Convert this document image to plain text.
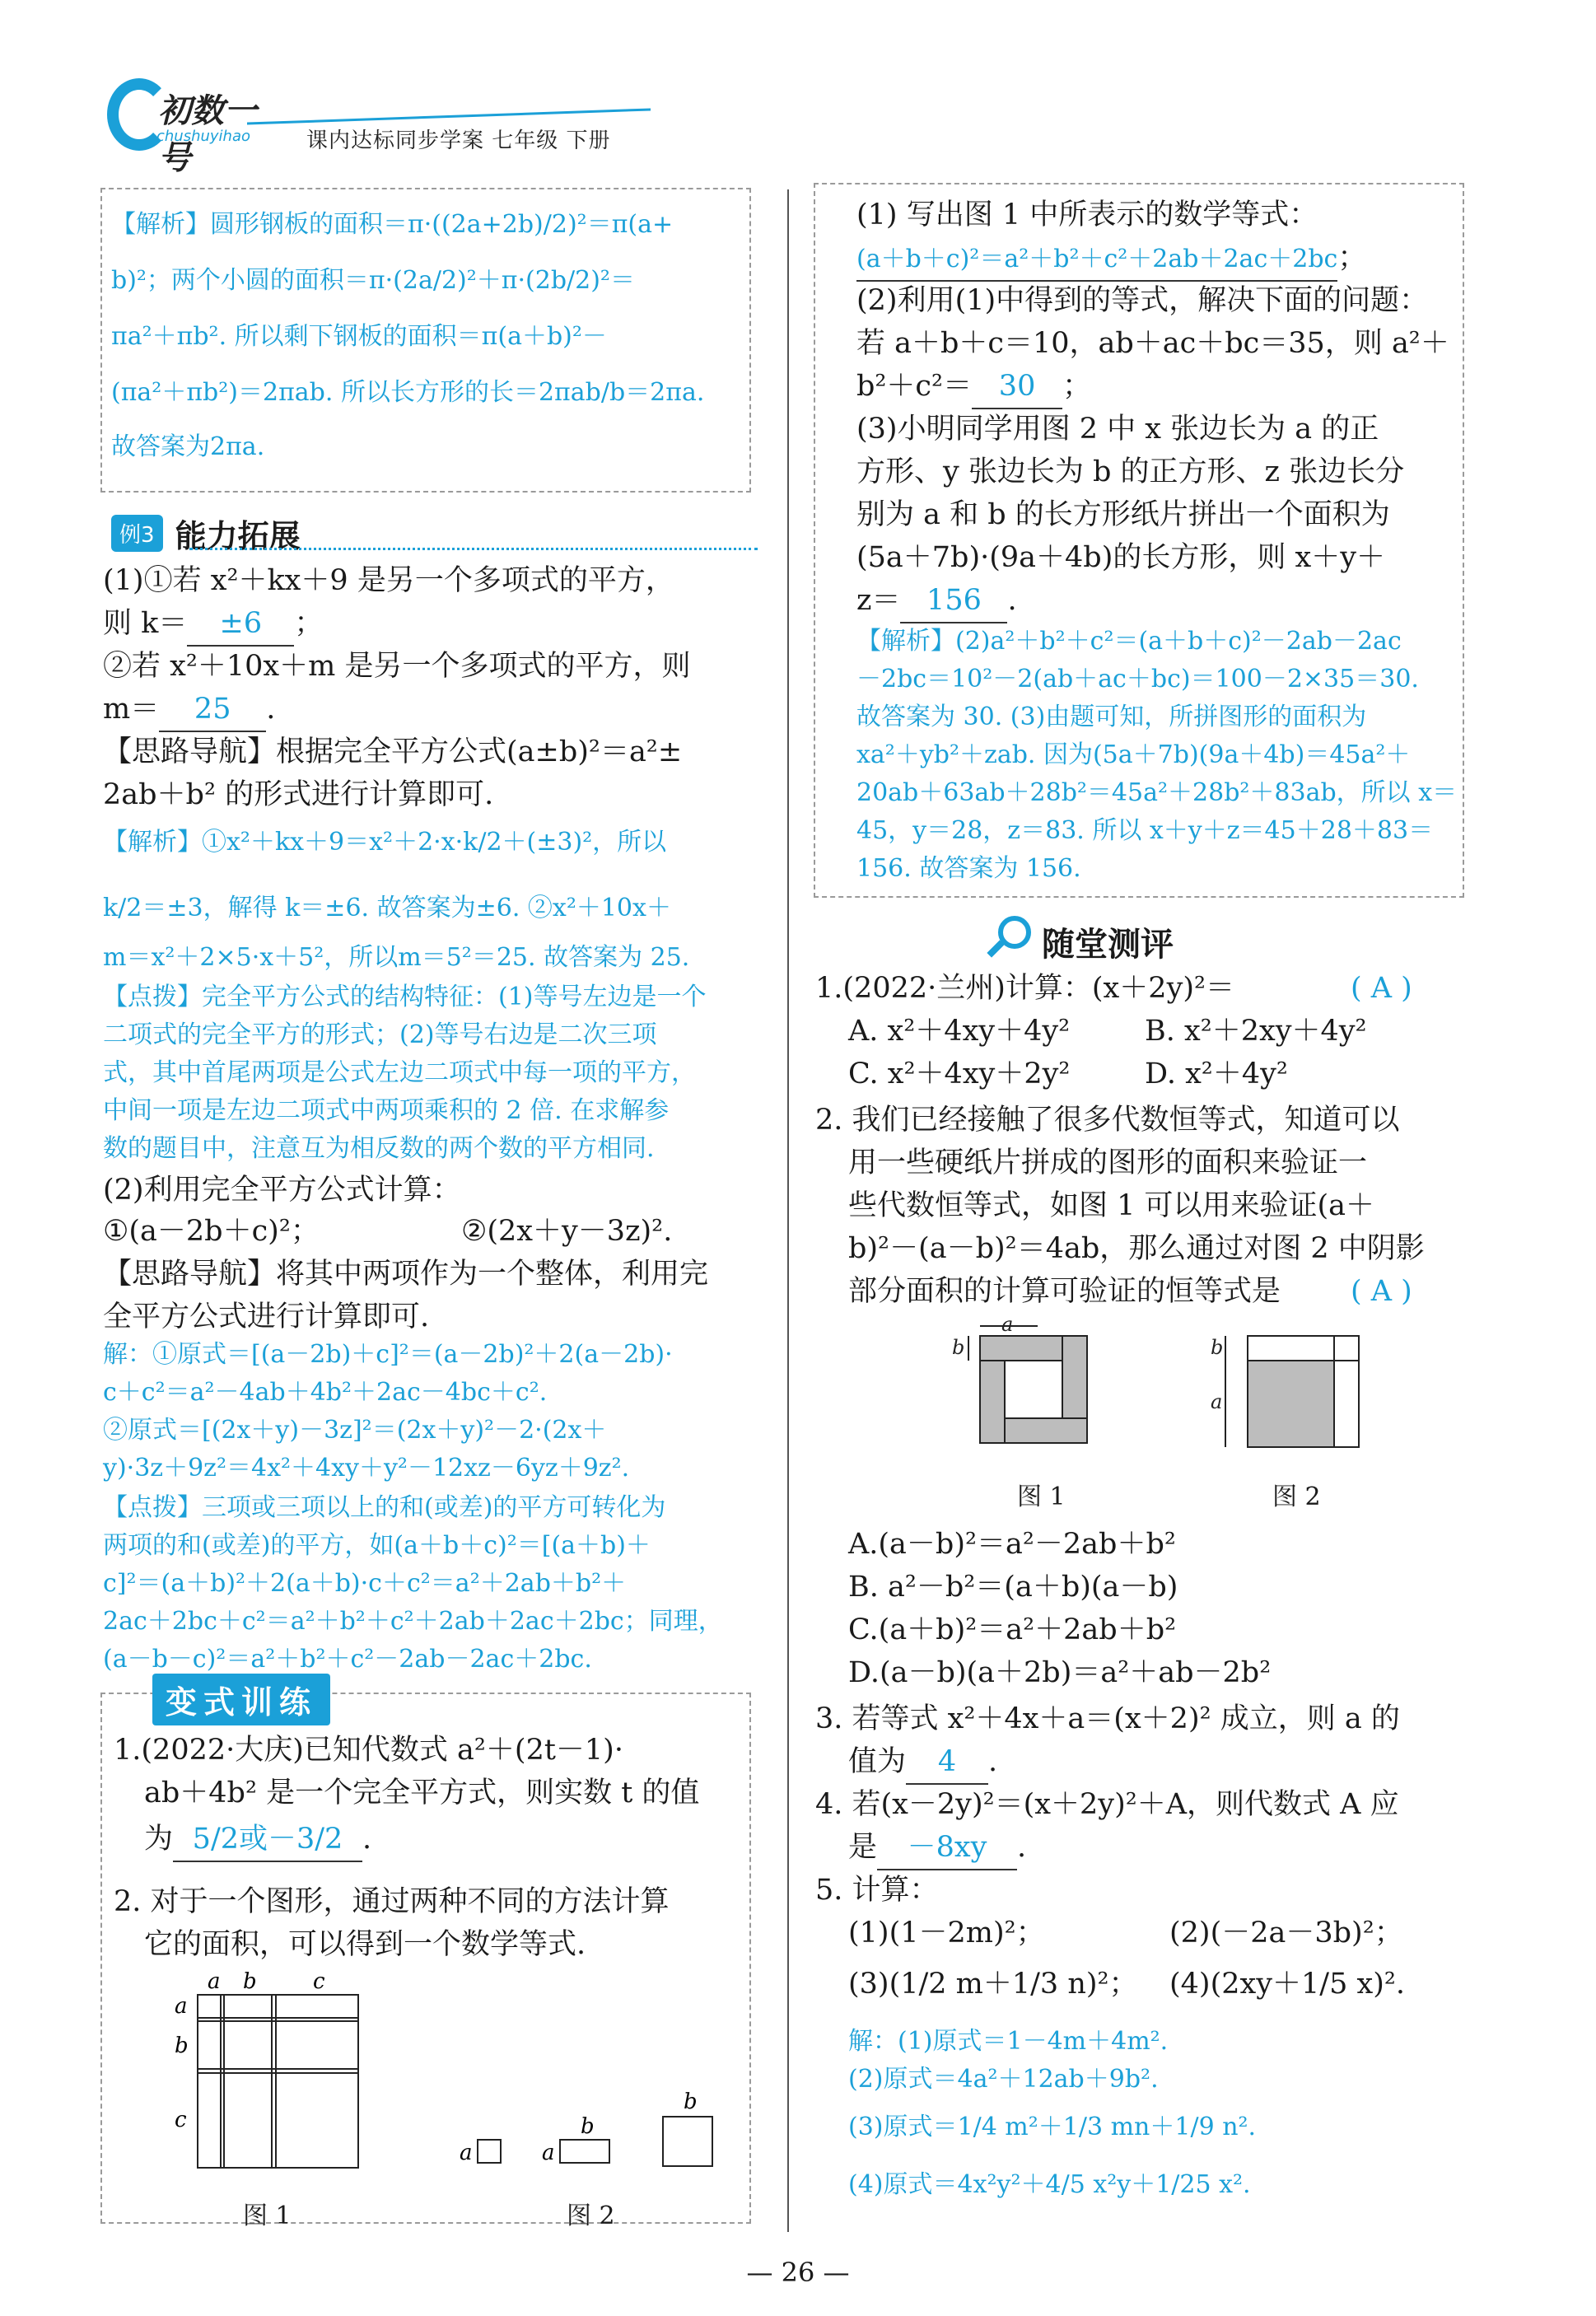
初数一号
chushuyihao	课内达标同步学案 七年级 下册
【解析】圆形钢板的面积＝π·((2a+2b)/2)²＝π(a+
b)²；两个小圆的面积＝π·(2a/2)²＋π·(2b/2)²＝
πa²＋πb². 所以剩下钢板的面积＝π(a＋b)²－
(πa²＋πb²)＝2πab. 所以长方形的长＝2πab/b＝2πa.
故答案为2πa.
例3 能力拓展
(1)①若 x²＋kx＋9 是另一个多项式的平方，
则 k＝ ±6 ；
②若 x²＋10x＋m 是另一个多项式的平方，则
m＝ 25 .
【思路导航】根据完全平方公式(a±b)²＝a²±
2ab＋b² 的形式进行计算即可.
【解析】①x²＋kx＋9＝x²＋2·x·k/2＋(±3)²，所以
k/2＝±3，解得 k＝±6. 故答案为±6. ②x²＋10x＋
m＝x²＋2×5·x＋5²，所以m＝5²＝25. 故答案为 25.
【点拨】完全平方公式的结构特征：(1)等号左边是一个
二项式的完全平方的形式；(2)等号右边是二次三项
式，其中首尾两项是公式左边二项式中每一项的平方，
中间一项是左边二项式中两项乘积的 2 倍. 在求解参
数的题目中，注意互为相反数的两个数的平方相同.
(2)利用完全平方公式计算：
①(a－2b＋c)²；	②(2x＋y－3z)².
【思路导航】将其中两项作为一个整体，利用完
全平方公式进行计算即可.
解：①原式＝[(a－2b)＋c]²＝(a－2b)²＋2(a－2b)·
c＋c²＝a²－4ab＋4b²＋2ac－4bc＋c².
②原式＝[(2x＋y)－3z]²＝(2x＋y)²－2·(2x＋
y)·3z＋9z²＝4x²＋4xy＋y²－12xz－6yz＋9z².
【点拨】三项或三项以上的和(或差)的平方可转化为
两项的和(或差)的平方，如(a＋b＋c)²＝[(a＋b)＋
c]²＝(a＋b)²＋2(a＋b)·c＋c²＝a²＋2ab＋b²＋
2ac＋2bc＋c²＝a²＋b²＋c²＋2ab＋2ac＋2bc；同理，
(a－b－c)²＝a²＋b²＋c²－2ab－2ac＋2bc.
变式训练
1.(2022·大庆)已知代数式 a²＋(2t－1)·
ab＋4b² 是一个完全平方式，则实数 t 的值
为 5/2或－3/2 .
2. 对于一个图形，通过两种不同的方法计算
它的面积，可以得到一个数学等式.
a b	c
a
b
c
图 1
a	a
b
b
图 2
(1) 写出图 1 中所表示的数学等式：
(a＋b＋c)²＝a²＋b²＋c²＋2ab＋2ac＋2bc；
(2)利用(1)中得到的等式，解决下面的问题：
若 a＋b＋c＝10，ab＋ac＋bc＝35，则 a²＋
b²＋c²＝ 30 ；
(3)小明同学用图 2 中 x 张边长为 a 的正
方形、y 张边长为 b 的正方形、z 张边长分
别为 a 和 b 的长方形纸片拼出一个面积为
(5a＋7b)·(9a＋4b)的长方形，则 x＋y＋
z＝ 156 .
【解析】(2)a²＋b²＋c²＝(a＋b＋c)²－2ab－2ac
－2bc＝10²－2(ab＋ac＋bc)＝100－2×35＝30.
故答案为 30. (3)由题可知，所拼图形的面积为
xa²＋yb²＋zab. 因为(5a＋7b)(9a＋4b)＝45a²＋
20ab＋63ab＋28b²＝45a²＋28b²＋83ab，所以 x＝
45，y＝28，z＝83. 所以 x＋y＋z＝45＋28＋83＝
156. 故答案为 156.
随堂测评
1.(2022·兰州)计算：(x＋2y)²＝	( A )
A. x²＋4xy＋4y²	B. x²＋2xy＋4y²
C. x²＋4xy＋2y²	D. x²＋4y²
2. 我们已经接触了很多代数恒等式，知道可以
用一些硬纸片拼成的图形的面积来验证一
些代数恒等式，如图 1 可以用来验证(a＋
b)²－(a－b)²＝4ab，那么通过对图 2 中阴影
部分面积的计算可验证的恒等式是 ( A )
a
b
图 1
b
a
图 2
A.(a－b)²＝a²－2ab＋b²
B. a²－b²＝(a＋b)(a－b)
C.(a＋b)²＝a²＋2ab＋b²
D.(a－b)(a＋2b)＝a²＋ab－2b²
3. 若等式 x²＋4x＋a＝(x＋2)² 成立，则 a 的
值为 4 .
4. 若(x－2y)²＝(x＋2y)²＋A，则代数式 A 应
是 －8xy .
5. 计算：
(1)(1－2m)²；	(2)(－2a－3b)²；
(3)(1/2 m＋1/3 n)²； (4)(2xy＋1/5 x)².
解：(1)原式＝1－4m＋4m².
(2)原式＝4a²＋12ab＋9b².
(3)原式＝1/4 m²＋1/3 mn＋1/9 n².
(4)原式＝4x²y²＋4/5 x²y＋1/25 x².
— 26 —
